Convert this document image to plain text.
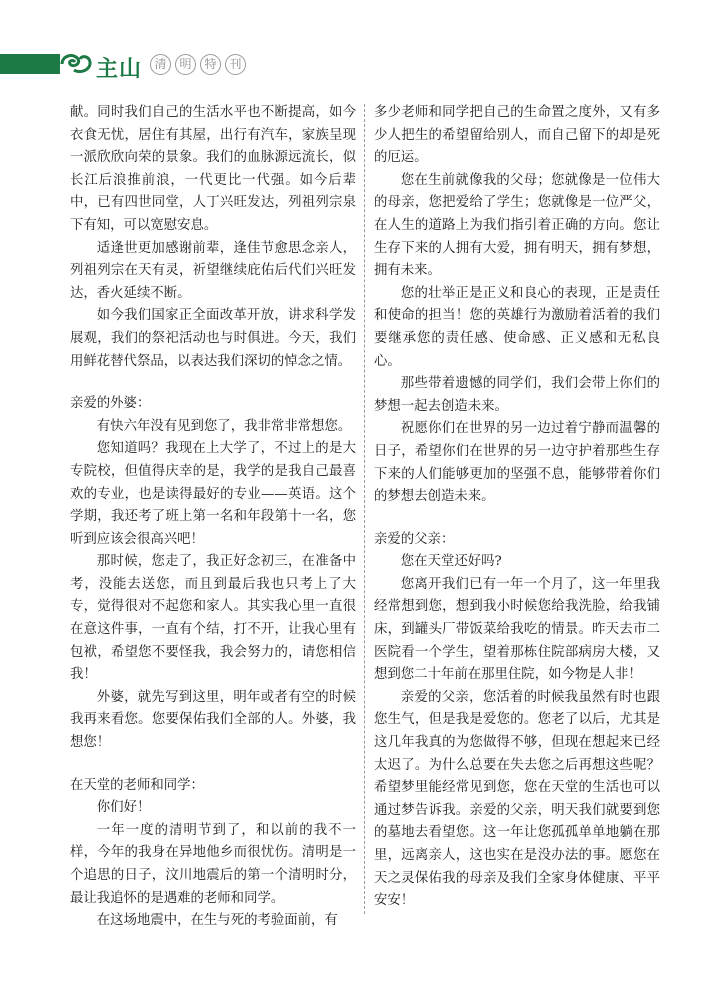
主山	清	明	特	刊

献。同时我们自己的生活水平也不断提高，如今衣食无忧，居住有其屋，出行有汽车，家族呈现一派欣欣向荣的景象。我们的血脉源远流长，似长江后浪推前浪，一代更比一代强。如今后辈中，已有四世同堂，人丁兴旺发达，列祖列宗泉下有知，可以宽慰安息。

适逢世更加感谢前辈，逢佳节愈思念亲人，列祖列宗在天有灵，祈望继续庇佑后代们兴旺发达，香火延续不断。

如今我们国家正全面改革开放，讲求科学发展观，我们的祭祀活动也与时俱进。今天，我们用鲜花替代祭品，以表达我们深切的悼念之情。

亲爱的外婆：

有快六年没有见到您了，我非常非常想您。

您知道吗？我现在上大学了，不过上的是大专院校，但值得庆幸的是，我学的是我自己最喜欢的专业，也是读得最好的专业——英语。这个学期，我还考了班上第一名和年段第十一名，您听到应该会很高兴吧！

那时候，您走了，我正好念初三，在准备中考，没能去送您，而且到最后我也只考上了大专，觉得很对不起您和家人。其实我心里一直很在意这件事，一直有个结，打不开，让我心里有包袱，希望您不要怪我，我会努力的，请您相信我！

外婆，就先写到这里，明年或者有空的时候我再来看您。您要保佑我们全部的人。外婆，我想您！

在天堂的老师和同学：

你们好！

一年一度的清明节到了，和以前的我不一样，今年的我身在异地他乡而很忧伤。清明是一个追思的日子，汶川地震后的第一个清明时分，最让我追怀的是遇难的老师和同学。

在这场地震中，在生与死的考验面前，有

多少老师和同学把自己的生命置之度外，又有多少人把生的希望留给别人，而自己留下的却是死的厄运。

您在生前就像我的父母；您就像是一位伟大的母亲，您把爱给了学生；您就像是一位严父，在人生的道路上为我们指引着正确的方向。您让生存下来的人拥有大爱，拥有明天，拥有梦想，拥有未来。

您的壮举正是正义和良心的表现，正是责任和使命的担当！您的英雄行为激励着活着的我们要继承您的责任感、使命感、正义感和无私良心。

那些带着遗憾的同学们，我们会带上你们的梦想一起去创造未来。

祝愿你们在世界的另一边过着宁静而温馨的日子，希望你们在世界的另一边守护着那些生存下来的人们能够更加的坚强不息，能够带着你们的梦想去创造未来。

亲爱的父亲：

您在天堂还好吗?

您离开我们已有一年一个月了，这一年里我经常想到您，想到我小时候您给我洗脸，给我铺床，到罐头厂带饭菜给我吃的情景。昨天去市二医院看一个学生，望着那栋住院部病房大楼，又想到您二十年前在那里住院，如今物是人非！

亲爱的父亲，您活着的时候我虽然有时也跟您生气，但是我是爱您的。您老了以后，尤其是这几年我真的为您做得不够，但现在想起来已经太迟了。为什么总要在失去您之后再想这些呢？希望梦里能经常见到您，您在天堂的生活也可以通过梦告诉我。亲爱的父亲，明天我们就要到您的墓地去看望您。这一年让您孤孤单单地躺在那里，远离亲人，这也实在是没办法的事。愿您在天之灵保佑我的母亲及我们全家身体健康、平平安安！
